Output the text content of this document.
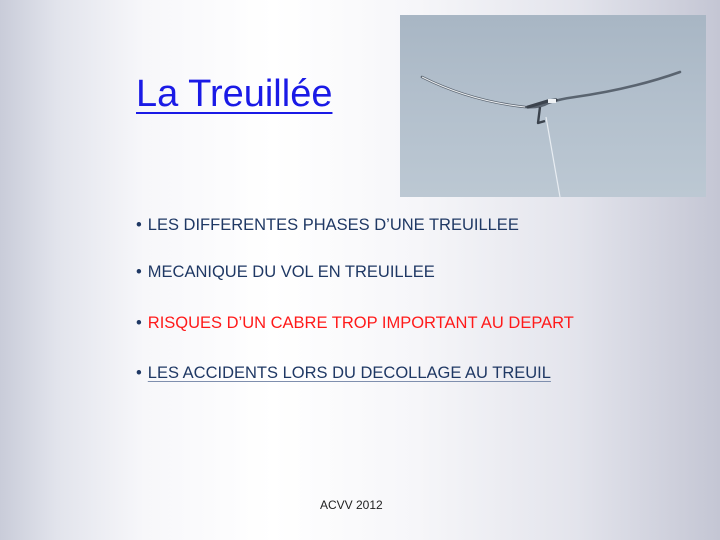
La Treuillée
• LES DIFFERENTES PHASES D’UNE TREUILLEE
• MECANIQUE DU VOL EN TREUILLEE
• RISQUES D’UN CABRE TROP IMPORTANT AU DEPART
• LES ACCIDENTS LORS DU DECOLLAGE AU TREUIL
ACVV 2012
